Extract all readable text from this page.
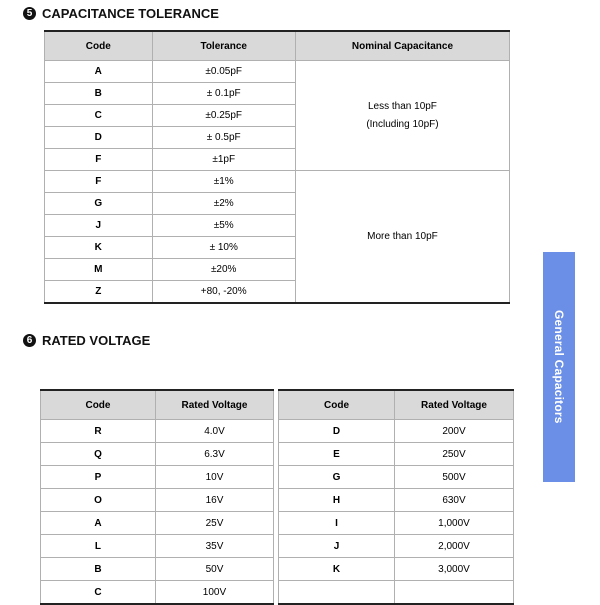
5 CAPACITANCE TOLERANCE
Code	Tolerance	Nominal Capacitance
A	±0.05pF	Less than 10pF
(Including 10pF)

B	± 0.1pF	
C	±0.25pF	
D	± 0.5pF	
F	±1pF	
F	±1%	More than 10pF
G	±2%	
J	±5%	
K	± 10%	
M	±20%	
Z	+80, -20%	
6 RATED VOLTAGE
Code	Rated Voltage
R	4.0V
Q	6.3V
P	10V
O	16V
A	25V
L	35V
B	50V
C	100V
Code	Rated Voltage
D	200V
E	250V
G	500V
H	630V
I	1,000V
J	2,000V
K	3,000V

General Capacitors
